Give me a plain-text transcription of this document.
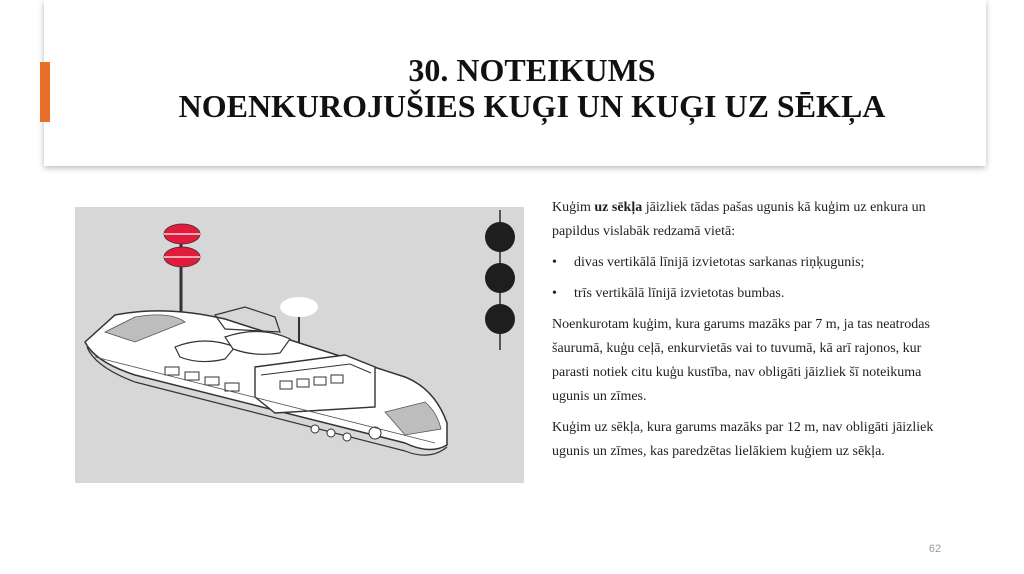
30. NOTEIKUMS
NOENKUROJUŠIES KUĢI UN KUĢI UZ SĒKĻA

Kuģim uz sēkļa jāizliek tādas pašas ugunis kā kuģim uz enkura un papildus vislabāk redzamā vietā:

•	divas vertikālā līnijā izvietotas sarkanas riņķugunis;
•	trīs vertikālā līnijā izvietotas bumbas.

Noenkurotam kuģim, kura garums mazāks par 7 m, ja tas neatrodas šaurumā, kuģu ceļā, enkurvietās vai to tuvumā, kā arī rajonos, kur parasti notiek citu kuģu kustība, nav obligāti jāizliek šī noteikuma ugunis un zīmes.

Kuģim uz sēkļa, kura garums mazāks par 12 m, nav obligāti jāizliek ugunis un zīmes, kas paredzētas lielākiem kuģiem uz sēkļa.

62
